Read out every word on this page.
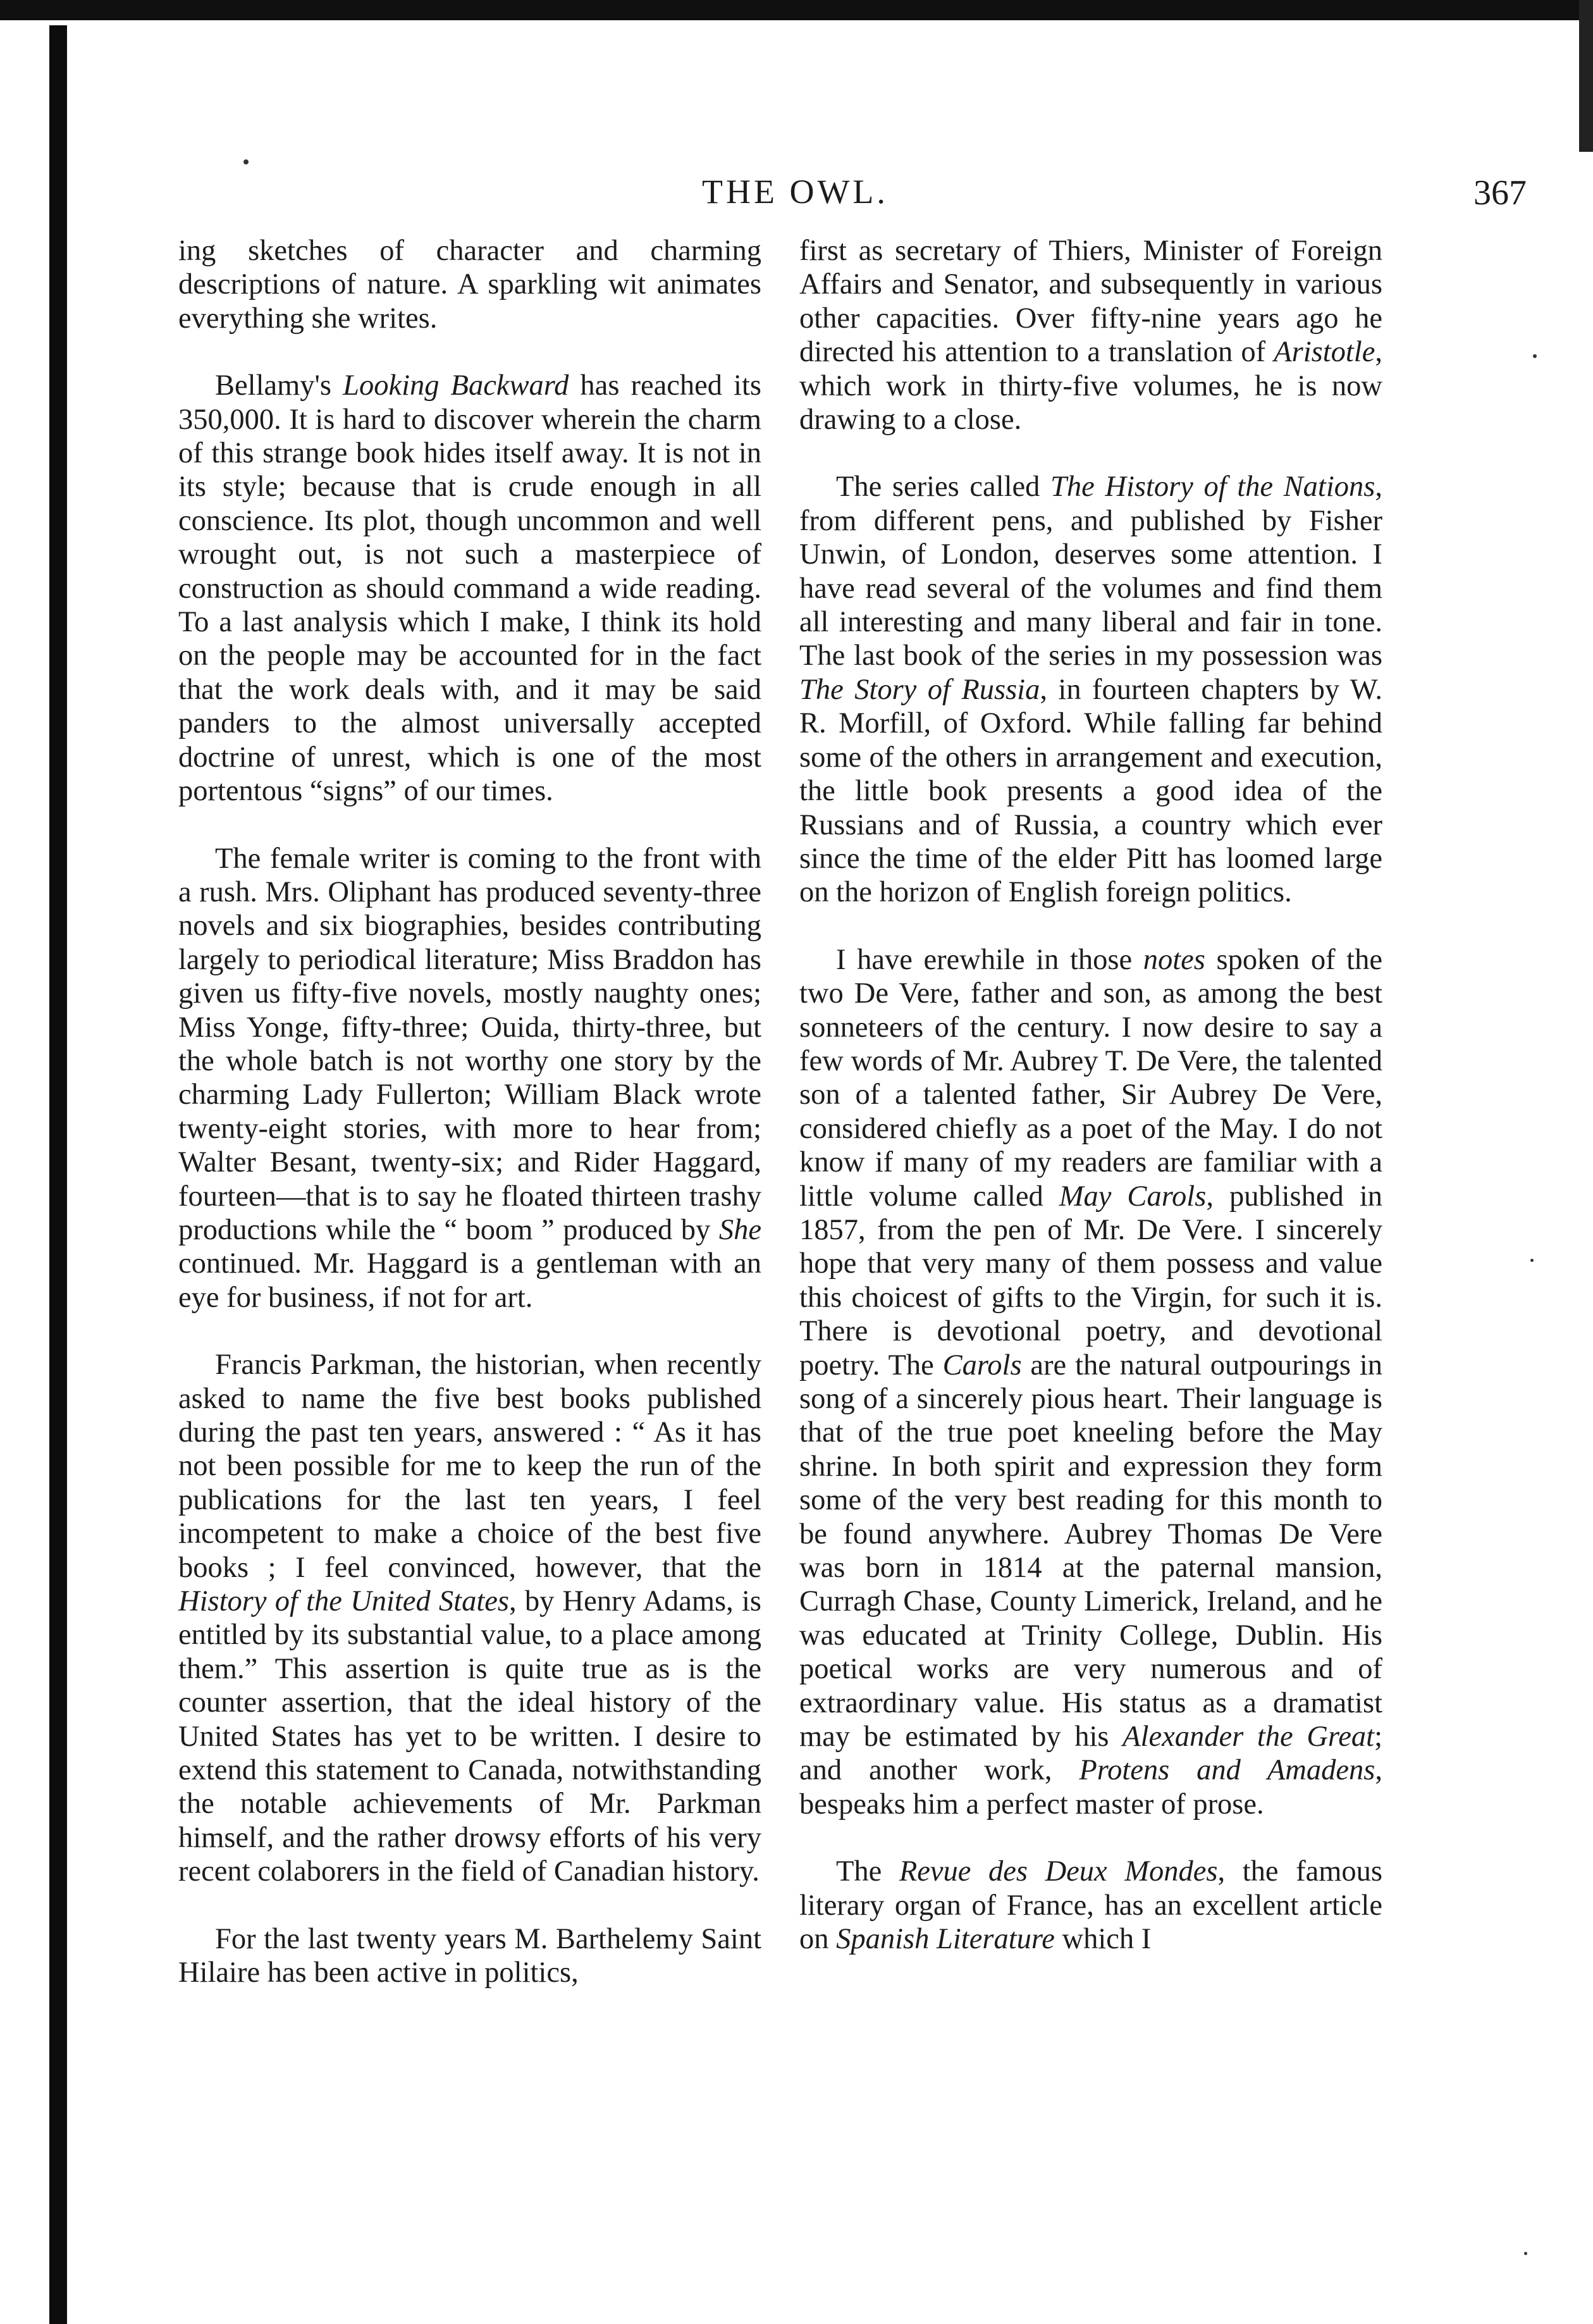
THE OWL.	367

ing sketches of character and charming descriptions of nature. A sparkling wit animates everything she writes.

Bellamy's Looking Backward has reached its 350,000. It is hard to discover wherein the charm of this strange book hides itself away. It is not in its style; because that is crude enough in all conscience. Its plot, though uncommon and well wrought out, is not such a masterpiece of construction as should command a wide reading. To a last analysis which I make, I think its hold on the people may be accounted for in the fact that the work deals with, and it may be said panders to the almost universally accepted doctrine of unrest, which is one of the most portentous “signs” of our times.

The female writer is coming to the front with a rush. Mrs. Oliphant has produced seventy-three novels and six biographies, besides contributing largely to periodical literature; Miss Braddon has given us fifty-five novels, mostly naughty ones; Miss Yonge, fifty-three; Ouida, thirty-three, but the whole batch is not worthy one story by the charming Lady Fullerton; William Black wrote twenty-eight stories, with more to hear from; Walter Besant, twenty-six; and Rider Haggard, fourteen—that is to say he floated thirteen trashy productions while the “ boom ” produced by She continued. Mr. Haggard is a gentleman with an eye for business, if not for art.

Francis Parkman, the historian, when recently asked to name the five best books published during the past ten years, answered : “ As it has not been possible for me to keep the run of the publications for the last ten years, I feel incompetent to make a choice of the best five books ; I feel convinced, however, that the History of the United States, by Henry Adams, is entitled by its substantial value, to a place among them.” This assertion is quite true as is the counter assertion, that the ideal history of the United States has yet to be written. I desire to extend this statement to Canada, notwithstanding the notable achievements of Mr. Parkman himself, and the rather drowsy efforts of his very recent colaborers in the field of Canadian history.

For the last twenty years M. Barthelemy Saint Hilaire has been active in politics,

first as secretary of Thiers, Minister of Foreign Affairs and Senator, and subsequently in various other capacities. Over fifty-nine years ago he directed his attention to a translation of Aristotle, which work in thirty-five volumes, he is now drawing to a close.

The series called The History of the Nations, from different pens, and published by Fisher Unwin, of London, deserves some attention. I have read several of the volumes and find them all interesting and many liberal and fair in tone. The last book of the series in my possession was The Story of Russia, in fourteen chapters by W. R. Morfill, of Oxford. While falling far behind some of the others in arrangement and execution, the little book presents a good idea of the Russians and of Russia, a country which ever since the time of the elder Pitt has loomed large on the horizon of English foreign politics.

I have erewhile in those notes spoken of the two De Vere, father and son, as among the best sonneteers of the century. I now desire to say a few words of Mr. Aubrey T. De Vere, the talented son of a talented father, Sir Aubrey De Vere, considered chiefly as a poet of the May. I do not know if many of my readers are familiar with a little volume called May Carols, published in 1857, from the pen of Mr. De Vere. I sincerely hope that very many of them possess and value this choicest of gifts to the Virgin, for such it is. There is devotional poetry, and devotional poetry. The Carols are the natural outpourings in song of a sincerely pious heart. Their language is that of the true poet kneeling before the May shrine. In both spirit and expression they form some of the very best reading for this month to be found anywhere. Aubrey Thomas De Vere was born in 1814 at the paternal mansion, Curragh Chase, County Limerick, Ireland, and he was educated at Trinity College, Dublin. His poetical works are very numerous and of extraordinary value. His status as a dramatist may be estimated by his Alexander the Great; and another work, Protens and Amadens, bespeaks him a perfect master of prose.

The Revue des Deux Mondes, the famous literary organ of France, has an excellent article on Spanish Literature which I
